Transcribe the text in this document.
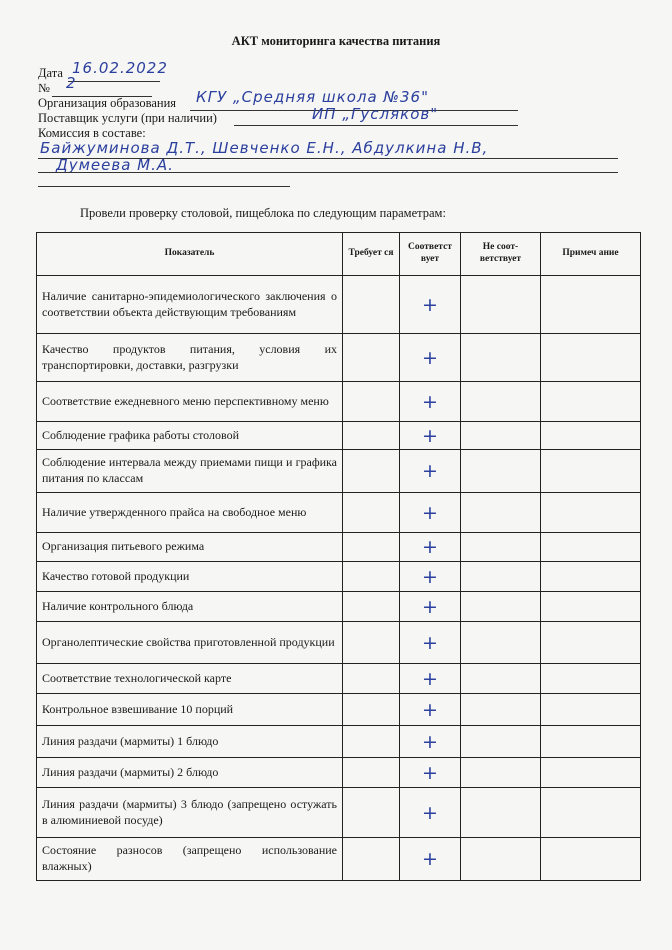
АКТ мониторинга качества питания
Дата 16.02.2022
№ 2
Организация образования КГУ „Средняя школа №36"
Поставщик услуги (при наличии)	ИП „Гусляков"
Комиссия в составе:
Байжуминова Д.Т., Шевченко Е.Н., Абдулкина Н.В,
Думеева М.А.
Провели проверку столовой, пищеблока по следующим параметрам:
Показатель	Требует ся	Соответст вует	Не соот- ветствует	Примеч ание
Наличие санитарно-эпидемиологического заключения о соответствии объекта действующим требованиям		+		
Качество продуктов питания, условия их транспортировки, доставки, разгрузки		+		
Соответствие ежедневного меню перспективному меню		+		
Соблюдение графика работы столовой		+		
Соблюдение интервала между приемами пищи и графика питания по классам		+		
Наличие утвержденного прайса на свободное меню		+		
Организация питьевого режима		+		
Качество готовой продукции		+		
Наличие контрольного блюда		+		
Органолептические свойства приготовленной продукции		+		
Соответствие технологической карте		+		
Контрольное взвешивание 10 порций		+		
Линия раздачи (мармиты) 1 блюдо		+		
Линия раздачи (мармиты) 2 блюдо		+		
Линия раздачи (мармиты) 3 блюдо (запрещено остужать в алюминиевой посуде)		+		
Состояние разносов (запрещено использование влажных)		+		
